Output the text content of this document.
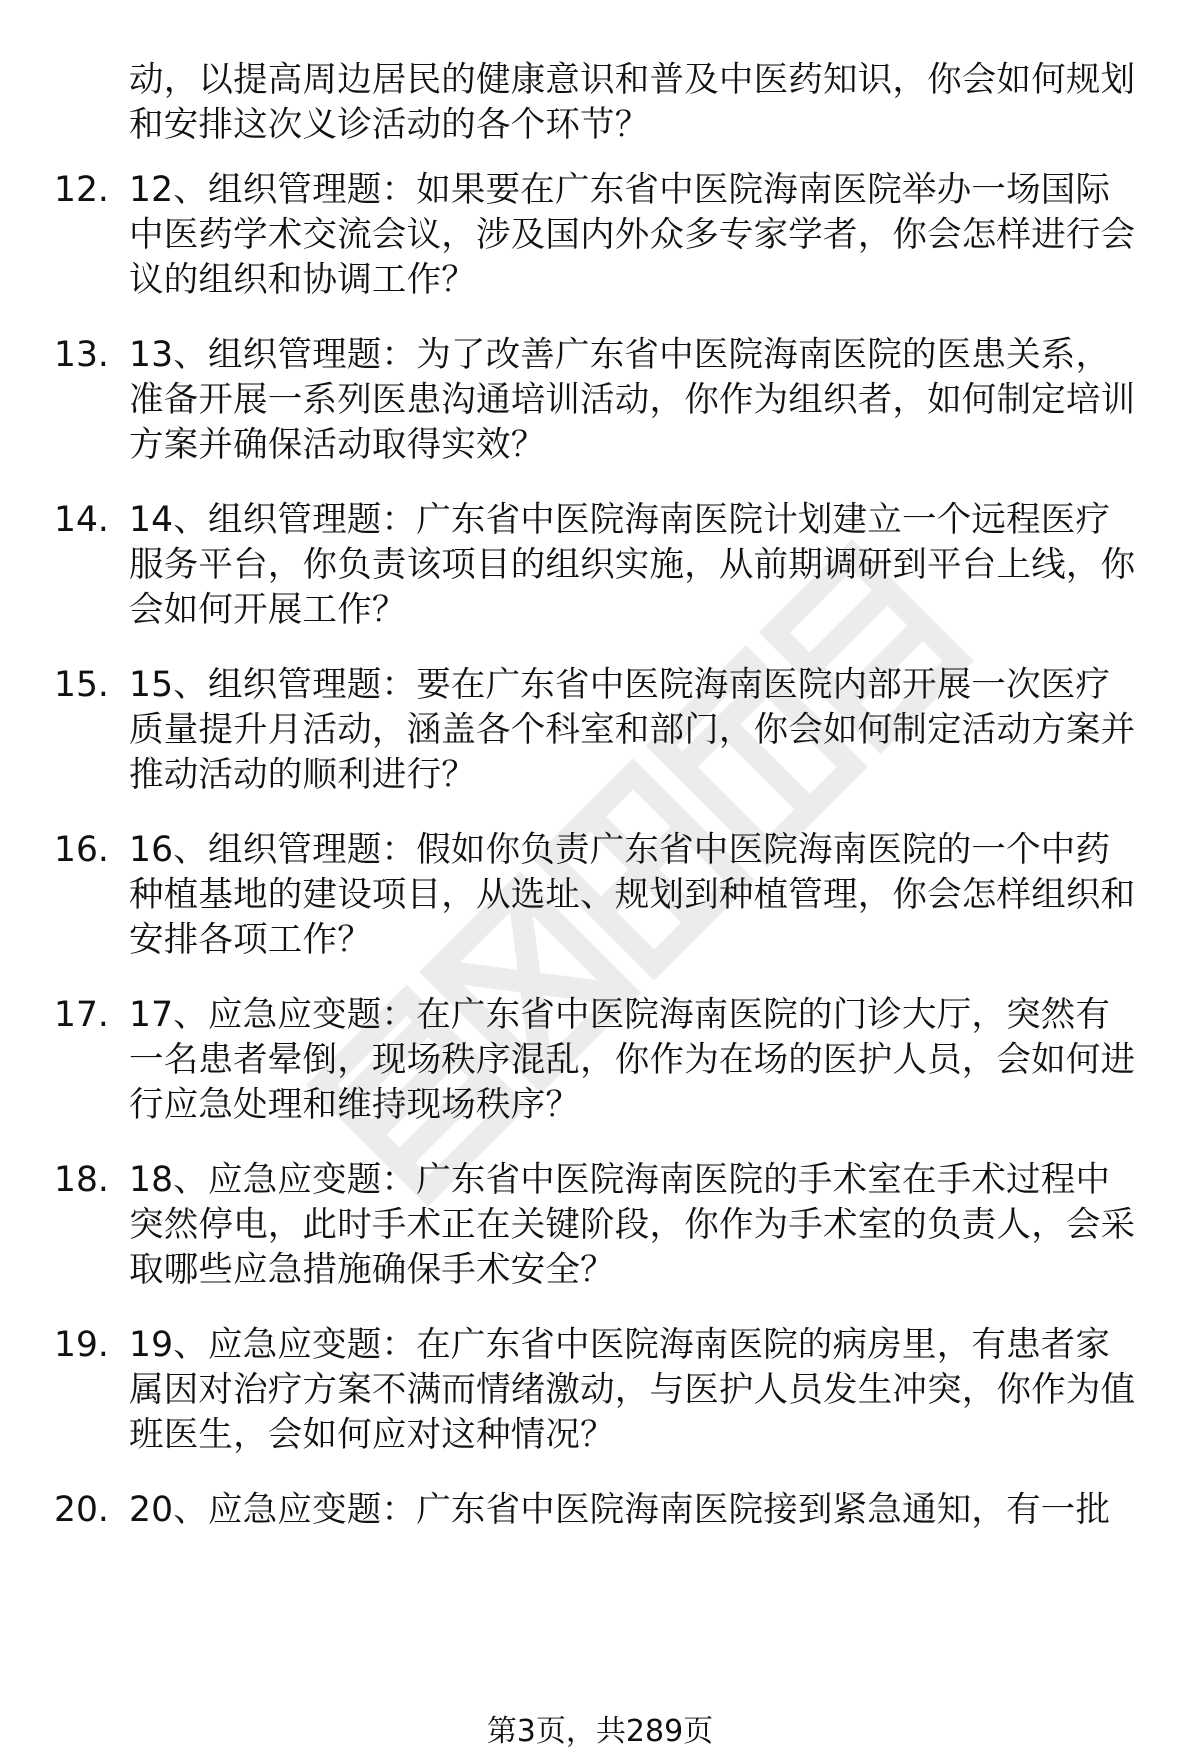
动，以提高周边居民的健康意识和普及中医药知识，你会如何规划和安排这次义诊活动的各个环节？
12. 12、组织管理题：如果要在广东省中医院海南医院举办一场国际中医药学术交流会议，涉及国内外众多专家学者，你会怎样进行会议的组织和协调工作？
13. 13、组织管理题：为了改善广东省中医院海南医院的医患关系，准备开展一系列医患沟通培训活动，你作为组织者，如何制定培训方案并确保活动取得实效？
14. 14、组织管理题：广东省中医院海南医院计划建立一个远程医疗服务平台，你负责该项目的组织实施，从前期调研到平台上线，你会如何开展工作？
15. 15、组织管理题：要在广东省中医院海南医院内部开展一次医疗质量提升月活动，涵盖各个科室和部门，你会如何制定活动方案并推动活动的顺利进行？
16. 16、组织管理题：假如你负责广东省中医院海南医院的一个中药种植基地的建设项目，从选址、规划到种植管理，你会怎样组织和安排各项工作？
17. 17、应急应变题：在广东省中医院海南医院的门诊大厅，突然有一名患者晕倒，现场秩序混乱，你作为在场的医护人员，会如何进行应急处理和维持现场秩序？
18. 18、应急应变题：广东省中医院海南医院的手术室在手术过程中突然停电，此时手术正在关键阶段，你作为手术室的负责人，会采取哪些应急措施确保手术安全？
19. 19、应急应变题：在广东省中医院海南医院的病房里，有患者家属因对治疗方案不满而情绪激动，与医护人员发生冲突，你作为值班医生，会如何应对这种情况？
20. 20、应急应变题：广东省中医院海南医院接到紧急通知，有一批
第3页，共289页
